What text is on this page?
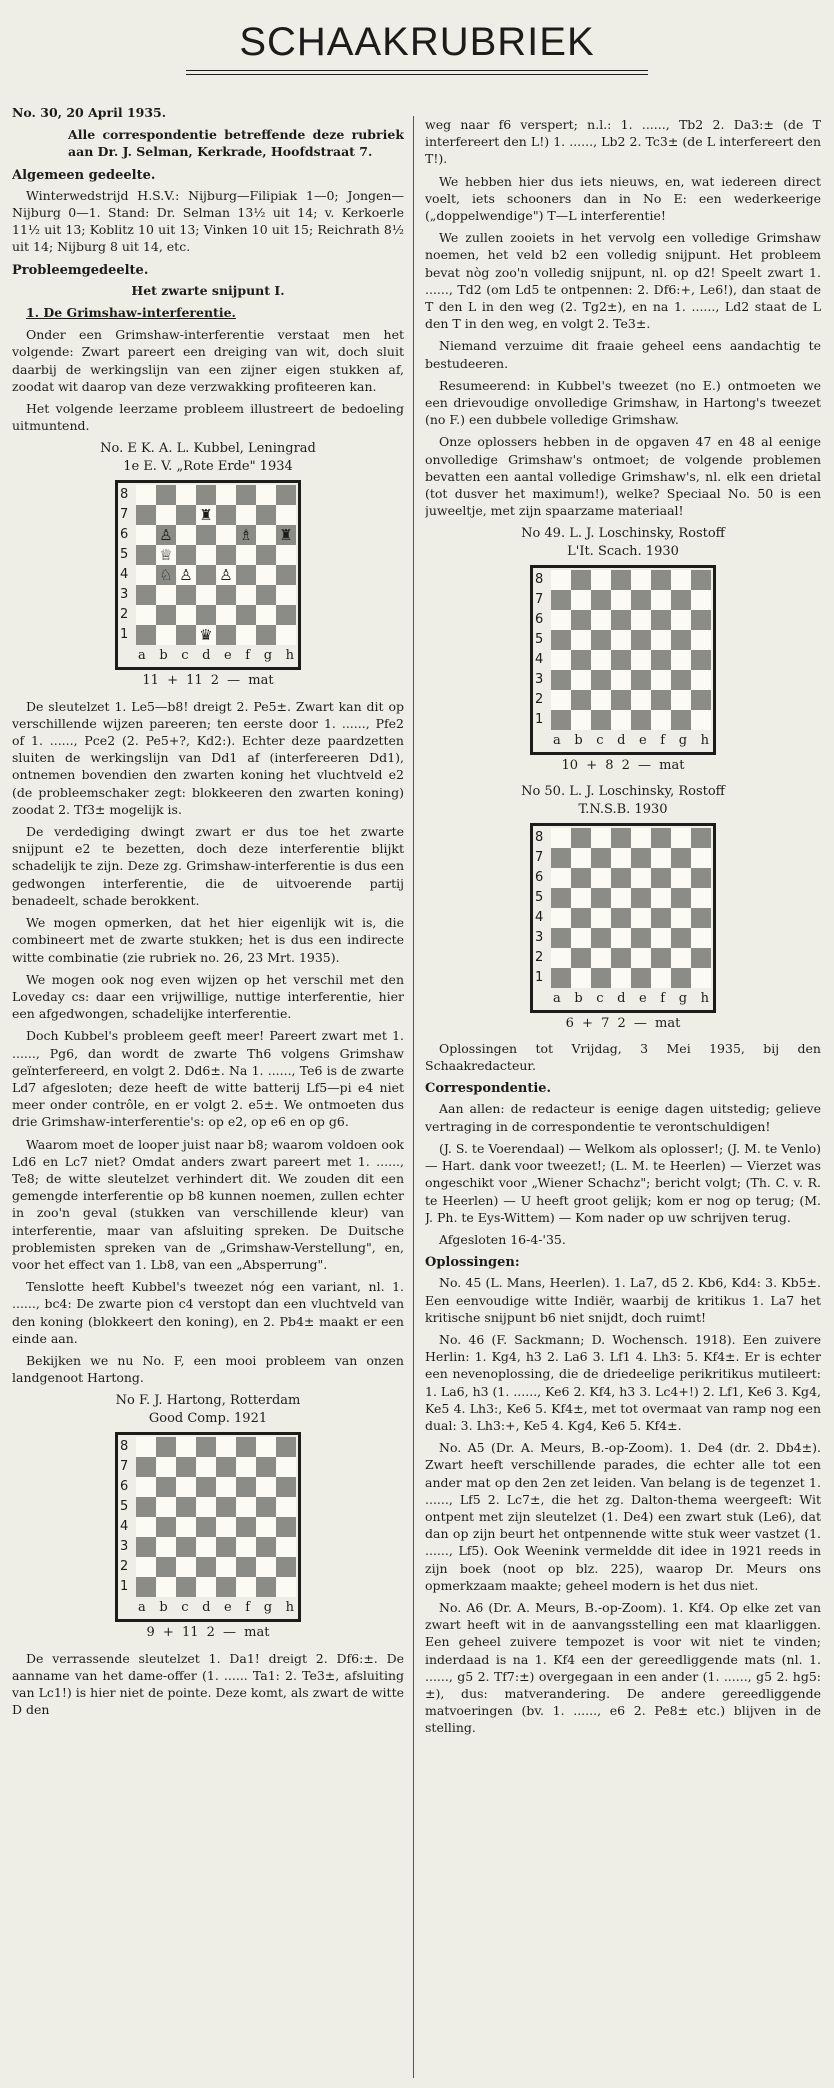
SCHAAKRUBRIEK

No. 30, 20 April 1935.

Alle correspondentie betreffende deze rubriek aan Dr. J. Selman, Kerkrade, Hoofdstraat 7.

Algemeen gedeelte.

Winterwedstrijd H.S.V.: Nijburg—Filipiak 1—0; Jongen—Nijburg 0—1. Stand: Dr. Selman 13½ uit 14; v. Kerkoerle 11½ uit 13; Koblitz 10 uit 13; Vinken 10 uit 15; Reichrath 8½ uit 14; Nijburg 8 uit 14, etc.

Probleemgedeelte.

Het zwarte snijpunt I.

1. De Grimshaw-interferentie.

Onder een Grimshaw-interferentie verstaat men het volgende: Zwart pareert een dreiging van wit, doch sluit daarbij de werkingslijn van een zijner eigen stukken af, zoodat wit daarop van deze verzwakking profiteeren kan.

Het volgende leerzame probleem illustreert de bedoeling uitmuntend.

No. E K. A. L. Kubbel, Leningrad
1e E. V. „Rote Erde" 1934
8
7	♜
6	♙	♗ ♜
5	♕
4	♘ ♙ ♙
3
2
1	♛
a b c d e f g h
11 + 11 2 — mat

De sleutelzet 1. Le5—b8! dreigt 2. Pe5±. Zwart kan dit op verschillende wijzen pareeren; ten eerste door 1. ......, Pfe2 of 1. ......, Pce2 (2. Pe5+?, Kd2:). Echter deze paardzetten sluiten de werkingslijn van Dd1 af (interfereeren Dd1), ontnemen bovendien den zwarten koning het vluchtveld e2 (de probleemschaker zegt: blokkeeren den zwarten koning) zoodat 2. Tf3± mogelijk is.

De verdediging dwingt zwart er dus toe het zwarte snijpunt e2 te bezetten, doch deze interferentie blijkt schadelijk te zijn. Deze zg. Grimshaw-interferentie is dus een gedwongen interferentie, die de uitvoerende partij benadeelt, schade berokkent.

We mogen opmerken, dat het hier eigenlijk wit is, die combineert met de zwarte stukken; het is dus een indirecte witte combinatie (zie rubriek no. 26, 23 Mrt. 1935).

We mogen ook nog even wijzen op het verschil met den Loveday cs: daar een vrijwillige, nuttige interferentie, hier een afgedwongen, schadelijke interferentie.

Doch Kubbel's probleem geeft meer! Pareert zwart met 1. ......, Pg6, dan wordt de zwarte Th6 volgens Grimshaw geïnterfereerd, en volgt 2. Dd6±. Na 1. ......, Te6 is de zwarte Ld7 afgesloten; deze heeft de witte batterij Lf5—pi e4 niet meer onder contrôle, en er volgt 2. e5±. We ontmoeten dus drie Grimshaw-interferentie's: op e2, op e6 en op g6.

Waarom moet de looper juist naar b8; waarom voldoen ook Ld6 en Lc7 niet? Omdat anders zwart pareert met 1. ......, Te8; de witte sleutelzet verhindert dit. We zouden dit een gemengde interferentie op b8 kunnen noemen, zullen echter in zoo'n geval (stukken van verschillende kleur) van interferentie, maar van afsluiting spreken. De Duitsche problemisten spreken van de „Grimshaw-Verstellung", en, voor het effect van 1. Lb8, van een „Absperrung".

Tenslotte heeft Kubbel's tweezet nóg een variant, nl. 1. ......, bc4: De zwarte pion c4 verstopt dan een vluchtveld van den koning (blokkeert den koning), en 2. Pb4± maakt er een einde aan.

Bekijken we nu No. F, een mooi probleem van onzen landgenoot Hartong.

No F. J. Hartong, Rotterdam
Good Comp. 1921
8
7
6
5
4
3
2
1
a b c d e f g h
9 + 11 2 — mat

De verrassende sleutelzet 1. Da1! dreigt 2. Df6:±. De aanname van het dame-offer (1. ...... Ta1: 2. Te3±, afsluiting van Lc1!) is hier niet de pointe. Deze komt, als zwart de witte D den

weg naar f6 verspert; n.l.: 1. ......, Tb2 2. Da3:± (de T interfereert den L!) 1. ......, Lb2 2. Tc3± (de L interfereert den T!).

We hebben hier dus iets nieuws, en, wat iedereen direct voelt, iets schooners dan in No E: een wederkeerige („doppelwendige") T—L interferentie!

We zullen zooiets in het vervolg een volledige Grimshaw noemen, het veld b2 een volledig snijpunt. Het probleem bevat nòg zoo'n volledig snijpunt, nl. op d2! Speelt zwart 1. ......, Td2 (om Ld5 te ontpennen: 2. Df6:+, Le6!), dan staat de T den L in den weg (2. Tg2±), en na 1. ......, Ld2 staat de L den T in den weg, en volgt 2. Te3±.

Niemand verzuime dit fraaie geheel eens aandachtig te bestudeeren.

Resumeerend: in Kubbel's tweezet (no E.) ontmoeten we een drievoudige onvolledige Grimshaw, in Hartong's tweezet (no F.) een dubbele volledige Grimshaw.

Onze oplossers hebben in de opgaven 47 en 48 al eenige onvolledige Grimshaw's ontmoet; de volgende problemen bevatten een aantal volledige Grimshaw's, nl. elk een drietal (tot dusver het maximum!), welke? Speciaal No. 50 is een juweeltje, met zijn spaarzame materiaal!

No 49. L. J. Loschinsky, Rostoff
L'It. Scach. 1930
8
7
6
5
4
3
2
1
a b c d e f g h
10 + 8 2 — mat
No 50. L. J. Loschinsky, Rostoff
T.N.S.B. 1930
8
7
6
5
4
3
2
1
a b c d e f g h
6 + 7 2 — mat

Oplossingen tot Vrijdag, 3 Mei 1935, bij den Schaakredacteur.

Correspondentie.

Aan allen: de redacteur is eenige dagen uitstedig; gelieve vertraging in de correspondentie te verontschuldigen!

(J. S. te Voerendaal) — Welkom als oplosser!; (J. M. te Venlo) — Hart. dank voor tweezet!; (L. M. te Heerlen) — Vierzet was ongeschikt voor „Wiener Schachz"; bericht volgt; (Th. C. v. R. te Heerlen) — U heeft groot gelijk; kom er nog op terug; (M. J. Ph. te Eys-Wittem) — Kom nader op uw schrijven terug.

Afgesloten 16-4-'35.

Oplossingen:

No. 45 (L. Mans, Heerlen). 1. La7, d5 2. Kb6, Kd4: 3. Kb5±. Een eenvoudige witte Indiër, waarbij de kritikus 1. La7 het kritische snijpunt b6 niet snijdt, doch ruimt!

No. 46 (F. Sackmann; D. Wochensch. 1918). Een zuivere Herlin: 1. Kg4, h3 2. La6 3. Lf1 4. Lh3: 5. Kf4±. Er is echter een nevenoplossing, die de driedeelige perikritikus mutileert: 1. La6, h3 (1. ......, Ke6 2. Kf4, h3 3. Lc4+!) 2. Lf1, Ke6 3. Kg4, Ke5 4. Lh3:, Ke6 5. Kf4±, met tot overmaat van ramp nog een dual: 3. Lh3:+, Ke5 4. Kg4, Ke6 5. Kf4±.

No. A5 (Dr. A. Meurs, B.-op-Zoom). 1. De4 (dr. 2. Db4±). Zwart heeft verschillende parades, die echter alle tot een ander mat op den 2en zet leiden. Van belang is de tegenzet 1. ......, Lf5 2. Lc7±, die het zg. Dalton-thema weergeeft: Wit ontpent met zijn sleutelzet (1. De4) een zwart stuk (Le6), dat dan op zijn beurt het ontpennende witte stuk weer vastzet (1. ......, Lf5). Ook Weenink vermeldde dit idee in 1921 reeds in zijn boek (noot op blz. 225), waarop Dr. Meurs ons opmerkzaam maakte; geheel modern is het dus niet.

No. A6 (Dr. A. Meurs, B.-op-Zoom). 1. Kf4. Op elke zet van zwart heeft wit in de aanvangsstelling een mat klaarliggen. Een geheel zuivere tempozet is voor wit niet te vinden; inderdaad is na 1. Kf4 een der gereedliggende mats (nl. 1. ......, g5 2. Tf7:±) overgegaan in een ander (1. ......, g5 2. hg5:±), dus: matverandering. De andere gereedliggende matvoeringen (bv. 1. ......, e6 2. Pe8± etc.) blijven in de stelling.
